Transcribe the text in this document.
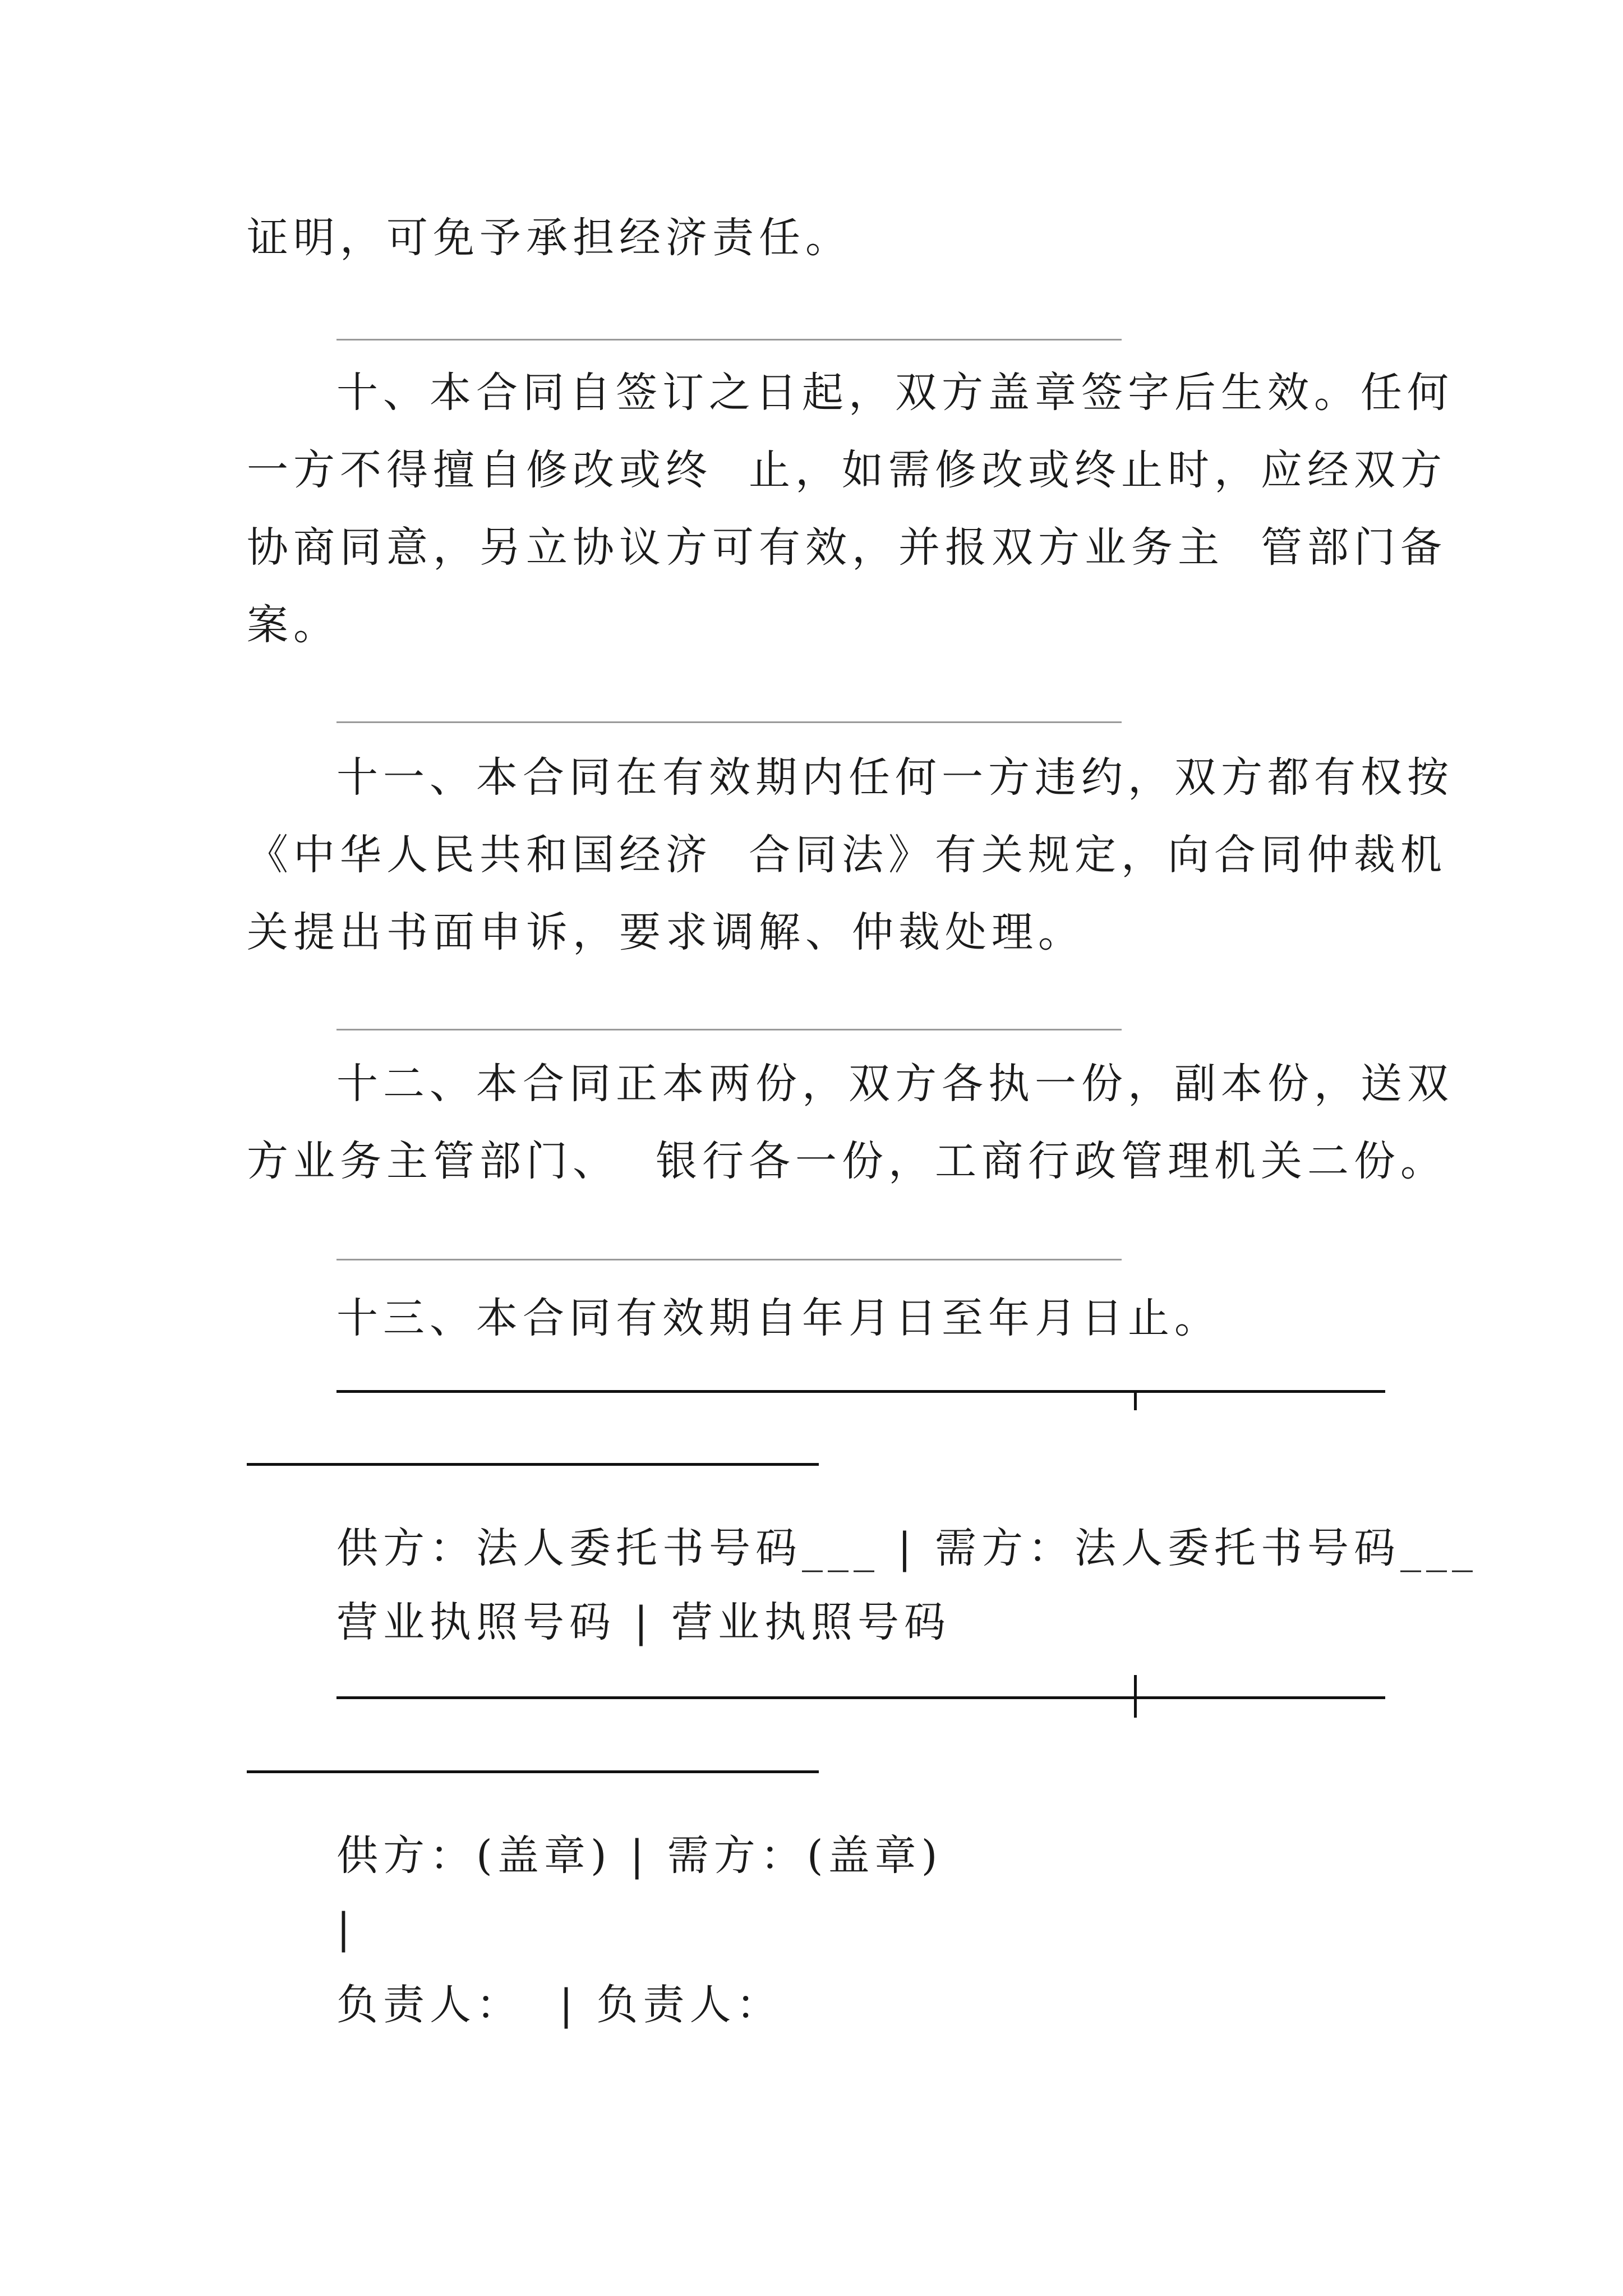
证明，可免予承担经济责任。
十、本合同自签订之日起，双方盖章签字后生效。任何
一方不得擅自修改或终  止，如需修改或终止时，应经双方
协商同意，另立协议方可有效，并报双方业务主  管部门备
案。
十一、本合同在有效期内任何一方违约，双方都有权按
《中华人民共和国经济  合同法》有关规定，向合同仲裁机
关提出书面申诉，要求调解、仲裁处理。
十二、本合同正本两份，双方各执一份，副本份，送双
方业务主管部门、  银行各一份，工商行政管理机关二份。
十三、本合同有效期自年月日至年月日止。
供方：法人委托书号码___ | 需方：法人委托书号码___
营业执照号码 | 营业执照号码
供方：(盖章) | 需方：(盖章)
|
负责人：  | 负责人：
